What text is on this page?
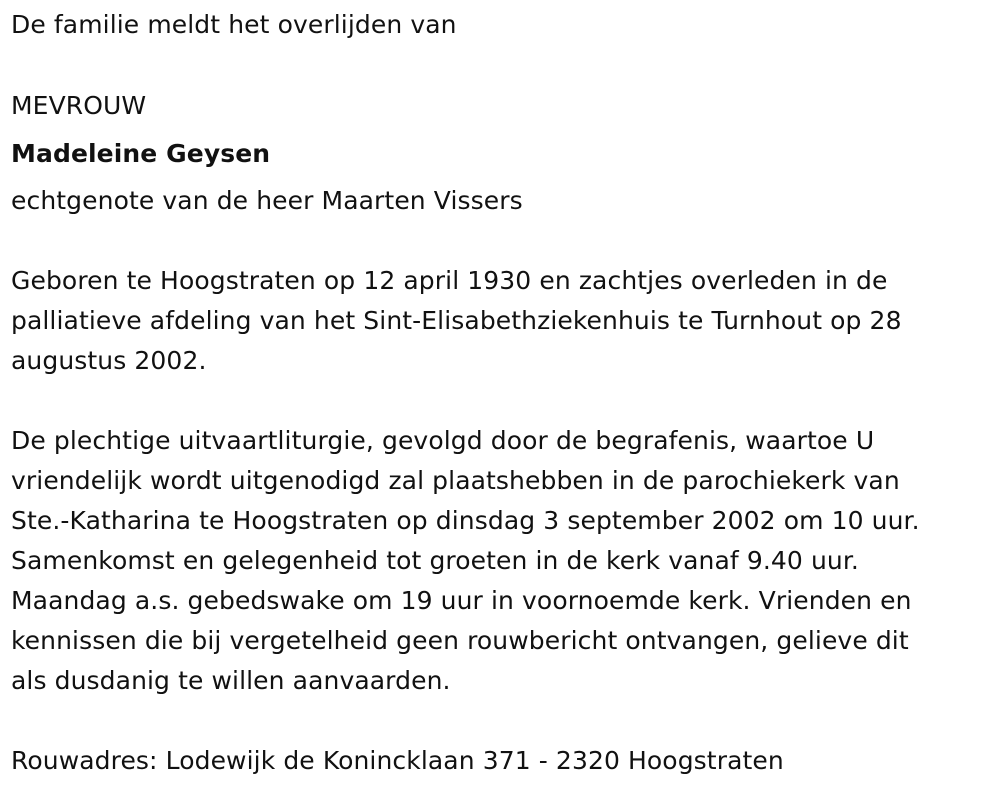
De familie meldt het overlijden van
MEVROUW
Madeleine Geysen
echtgenote van de heer Maarten Vissers
Geboren te Hoogstraten op 12 april 1930 en zachtjes overleden in de
palliatieve afdeling van het Sint-Elisabethziekenhuis te Turnhout op 28
augustus 2002.
De plechtige uitvaartliturgie, gevolgd door de begrafenis, waartoe U
vriendelijk wordt uitgenodigd zal plaatshebben in de parochiekerk van
Ste.-Katharina te Hoogstraten op dinsdag 3 september 2002 om 10 uur.
Samenkomst en gelegenheid tot groeten in de kerk vanaf 9.40 uur.
Maandag a.s. gebedswake om 19 uur in voornoemde kerk. Vrienden en
kennissen die bij vergetelheid geen rouwbericht ontvangen, gelieve dit
als dusdanig te willen aanvaarden.
Rouwadres: Lodewijk de Konincklaan 371 - 2320 Hoogstraten
